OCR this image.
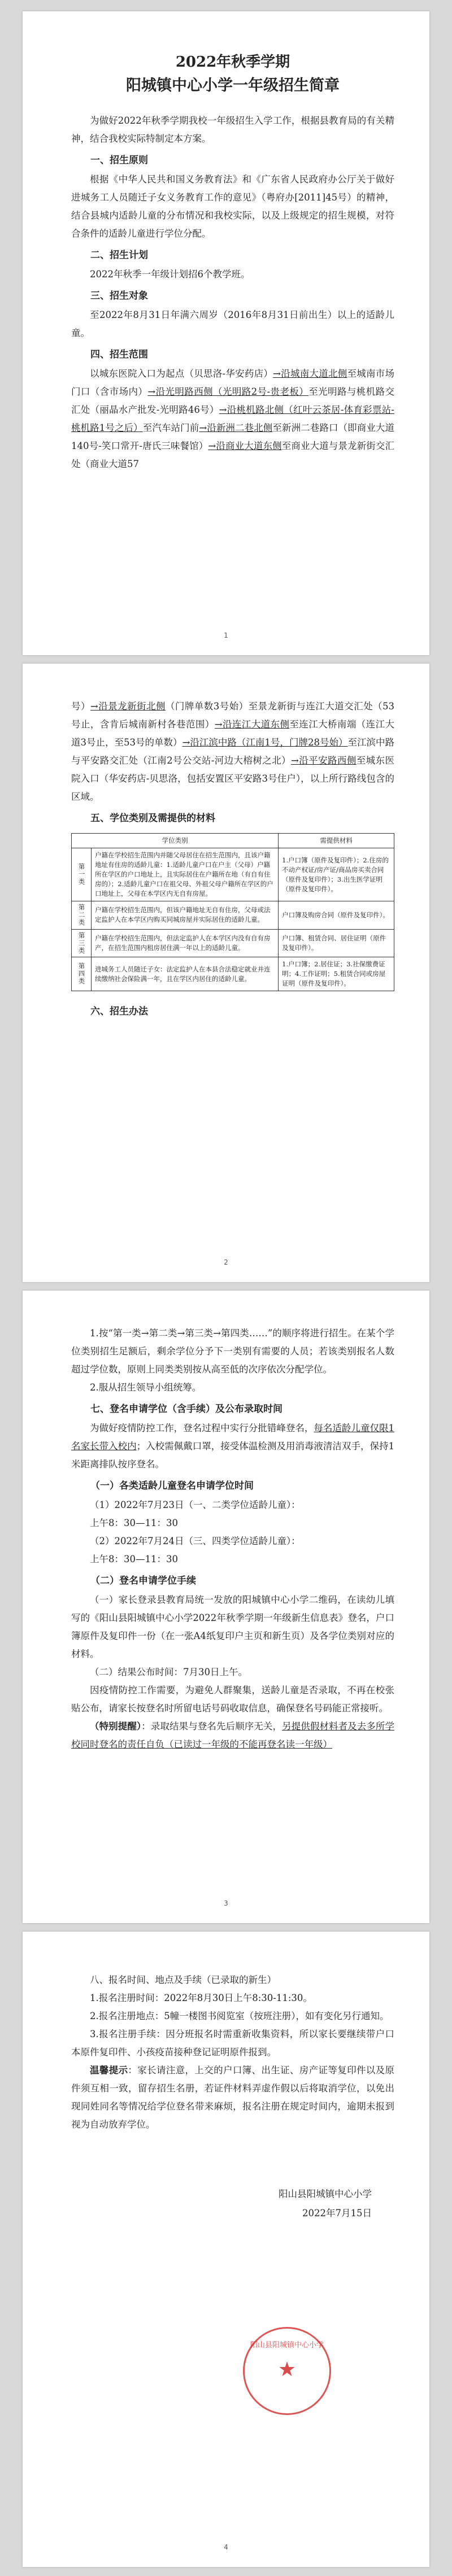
2022年秋季学期
阳城镇中心小学一年级招生简章

为做好2022年秋季学期我校一年级招生入学工作，根据县教育局的有关精神，结合我校实际特制定本方案。

一、招生原则

根据《中华人民共和国义务教育法》和《广东省人民政府办公厅关于做好进城务工人员随迁子女义务教育工作的意见》（粤府办[2011]45号）的精神，结合县城内适龄儿童的分布情况和我校实际，以及上级规定的招生规模，对符合条件的适龄儿童进行学位分配。

二、招生计划

2022年秋季一年级计划招6个教学班。

三、招生对象

至2022年8月31日年满六周岁（2016年8月31日前出生）以上的适龄儿童。

四、招生范围

以城东医院入口为起点（贝思洛-华安药店）→沿城南大道北侧至城南市场门口（含市场内）→沿光明路西侧（光明路2号-贵老板）至光明路与桃机路交汇处（丽晶水产批发-光明路46号）→沿桃机路北侧（红叶云茶居-体育彩票站-桃机路1号之后）至汽车站门前→沿新洲二巷北侧至新洲二巷路口（即商业大道140号-笑口常开-唐氏三味餐馆）→沿商业大道东侧至商业大道与景龙新街交汇处（商业大道57

1

号）→沿景龙新街北侧（门牌单数3号始）至景龙新街与连江大道交汇处（53号止，含肯后城南新村各巷范围）→沿连江大道东侧至连江大桥南端（连江大道3号止，至53号的单数）→沿江滨中路（江南1号，门牌28号始）至江滨中路与平安路交汇处（江南2号公交站-河边大榕树之北）→沿平安路西侧至城东医院入口（华安药店-贝思洛，包括安置区平安路3号住户），以上所行路线包含的区域。

五、学位类别及需提供的材料

学位类别		需提供材料
第一类	户籍在学校招生范围内并随父母居住在招生范围内，且该户籍地址有住房的适龄儿童：1.适龄儿童户口在户主（父母）户籍所在学区的户口地址上，且实际居住在户籍所在地（有自有住房的）；2.适龄儿童户口在祖父母、外祖父母户籍所在学区的户口地址上，父母在本学区内无自有房屋。	1.户口簿（原件及复印件）；2.住房的不动产权证/房产证/商品房买卖合同（原件及复印件）；3.出生医学证明（原件及复印件）。
第二类	户籍在学校招生范围内，但该户籍地址无自有住房，父母或法定监护人在本学区内购买同城房屋并实际居住的适龄儿童。	户口簿及购房合同（原件及复印件）。
第三类	户籍在学校招生范围内，但法定监护人在本学区内没有自有房产，在招生范围内租房居住满一年以上的适龄儿童。	户口簿、租赁合同、居住证明（原件及复印件）。
第四类	进城务工人员随迁子女：法定监护人在本县合法稳定就业并连续缴纳社会保险满一年，且在学区内居住的适龄儿童。	1.户口簿；2.居住证；3.社保缴费证明；4.工作证明；5.租赁合同或房屋证明（原件及复印件）。

六、招生办法

2

1.按“第一类→第二类→第三类→第四类……”的顺序将进行招生。在某个学位类别招生足额后，剩余学位分予下一类别有需要的人员；若该类别报名人数超过学位数，原则上同类类别按从高至低的次序依次分配学位。

2.服从招生领导小组统筹。

七、登名申请学位（含手续）及公布录取时间

为做好疫情防控工作，登名过程中实行分批错峰登名，每名适龄儿童仅限1名家长带入校内；入校需佩戴口罩，接受体温检测及用消毒液清洁双手，保持1米距离排队按序登名。

（一）各类适龄儿童登名申请学位时间

（1）2022年7月23日（一、二类学位适龄儿童）：

上午8：30—11：30

（2）2022年7月24日（三、四类学位适龄儿童）：

上午8：30—11：30

（二）登名申请学位手续

（一）家长登录县教育局统一发放的阳城镇中心小学二维码，在读幼儿填写的《阳山县阳城镇中心小学2022年秋季学期一年级新生信息表》登名，户口簿原件及复印件一份（在一张A4纸复印户主页和新生页）及各学位类别对应的材料。

（二）结果公布时间：7月30日上午。

因疫情防控工作需要，为避免人群聚集，送龄儿童是否录取，不再在校张贴公布，请家长按登名时所留电话号码收取信息，确保登名号码能正常接听。

（特别提醒）：录取结果与登名先后顺序无关，另提供假材料者及去多所学校同时登名的责任自负（已读过一年级的不能再登名读一年级）

3

八、报名时间、地点及手续（已录取的新生）

1.报名注册时间：2022年8月30日上午8:30-11:30。

2.报名注册地点：5幢一楼图书阅览室（按班注册），如有变化另行通知。

3.报名注册手续：因分班报名时需重新收集资料，所以家长要继续带户口本原件复印件、小孩疫苗接种登记证明原件报到。

温馨提示：家长请注意，上交的户口簿、出生证、房产证等复印件以及原件须互相一致，留存招生名册，若证件材料弄虚作假以后将取消学位，以免出现同姓同名等情况给学位登名带来麻烦，报名注册在规定时间内，逾期未报到视为自动放弃学位。

阳山县阳城镇中心小学
2022年7月15日
阳山县阳城镇中心小学
★
4
